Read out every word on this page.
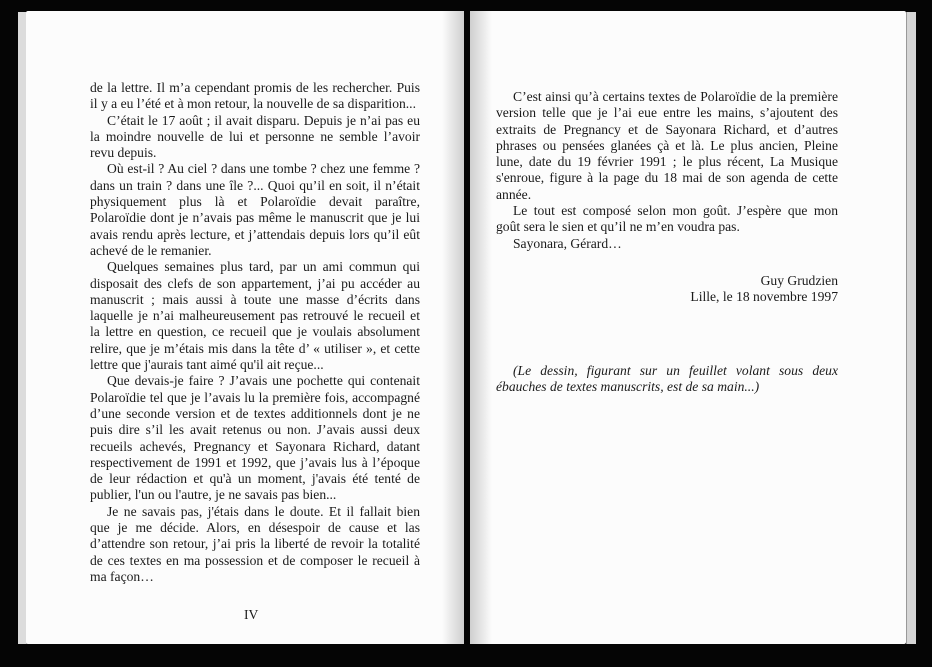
de la lettre. Il m’a cependant promis de les rechercher. Puis il y a eu l’été et à mon retour, la nouvelle de sa disparition...

C’était le 17 août ; il avait disparu. Depuis je n’ai pas eu la moindre nouvelle de lui et personne ne semble l’avoir revu depuis.

Où est-il ? Au ciel ? dans une tombe ? chez une femme ? dans un train ? dans une île ?... Quoi qu’il en soit, il n’était physiquement plus là et Polaroïdie devait paraître, Polaroïdie dont je n’avais pas même le manuscrit que je lui avais rendu après lecture, et j’attendais depuis lors qu’il eût achevé de le remanier.

Quelques semaines plus tard, par un ami commun qui disposait des clefs de son appartement, j’ai pu accéder au manuscrit ; mais aussi à toute une masse d’écrits dans laquelle je n’ai malheureusement pas retrouvé le recueil et la lettre en question, ce recueil que je voulais absolument relire, que je m’étais mis dans la tête d’ « utiliser », et cette lettre que j'aurais tant aimé qu'il ait reçue...

Que devais-je faire ? J’avais une pochette qui contenait Polaroïdie tel que je l’avais lu la première fois, accompagné d’une seconde version et de textes additionnels dont je ne puis dire s’il les avait retenus ou non. J’avais aussi deux recueils achevés, Pregnancy et Sayonara Richard, datant respectivement de 1991 et 1992, que j’avais lus à l’époque de leur rédaction et qu'à un moment, j'avais été tenté de publier, l'un ou l'autre, je ne savais pas bien...

Je ne savais pas, j'étais dans le doute. Et il fallait bien que je me décide. Alors, en désespoir de cause et las d’attendre son retour, j’ai pris la liberté de revoir la totalité de ces textes en ma possession et de composer le recueil à ma façon…

IV

C’est ainsi qu’à certains textes de Polaroïdie de la première version telle que je l’ai eue entre les mains, s’ajoutent des extraits de Pregnancy et de Sayonara Richard, et d’autres phrases ou pensées glanées çà et là. Le plus ancien, Pleine lune, date du 19 février 1991 ; le plus récent, La Musique s'enroue, figure à la page du 18 mai de son agenda de cette année.

Le tout est composé selon mon goût. J’espère que mon goût sera le sien et qu’il ne m’en voudra pas.

Sayonara, Gérard…

Guy Grudzien

Lille, le 18 novembre 1997

(Le dessin, figurant sur un feuillet volant sous deux ébauches de textes manuscrits, est de sa main...)
